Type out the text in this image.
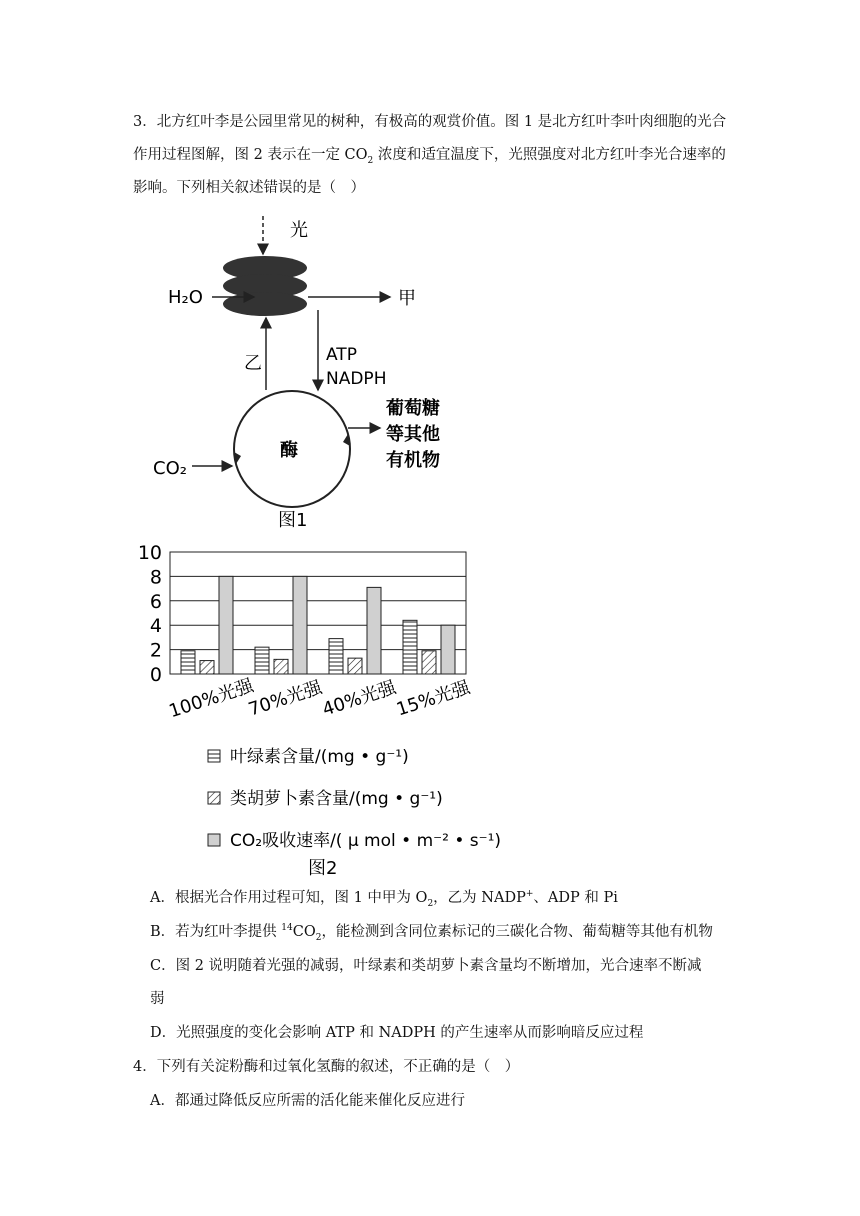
3．北方红叶李是公园里常见的树种，有极高的观赏价值。图 1 是北方红叶李叶肉细胞的光合作用过程图解，图 2 表示在一定 $CO_2$ 浓度和适宜温度下，光照强度对北方红叶李光合速率的影响。下列相关叙述错误的是（　）
光
H₂O	甲
乙	ATP
NADPH
酶
CO₂
葡萄糖
等其他
有机物
图1
0
2
4
6
8
10
100%光强
70%光强
40%光强
15%光强
叶绿素含量/(mg • g⁻¹)
类胡萝卜素含量/(mg • g⁻¹)
CO₂吸收速率/( μ mol • m⁻² • s⁻¹)
图2
A．根据光合作用过程可知，图 1 中甲为 $O_2$，乙为 NADP+、ADP 和 Pi
B．若为红叶李提供 $^{14}CO_2$，能检测到含同位素标记的三碳化合物、葡萄糖等其他有机物
C．图 2 说明随着光强的减弱，叶绿素和类胡萝卜素含量均不断增加，光合速率不断减
弱
D．光照强度的变化会影响 ATP 和 NADPH 的产生速率从而影响暗反应过程
4．下列有关淀粉酶和过氧化氢酶的叙述，不正确的是（　）
A．都通过降低反应所需的活化能来催化反应进行
